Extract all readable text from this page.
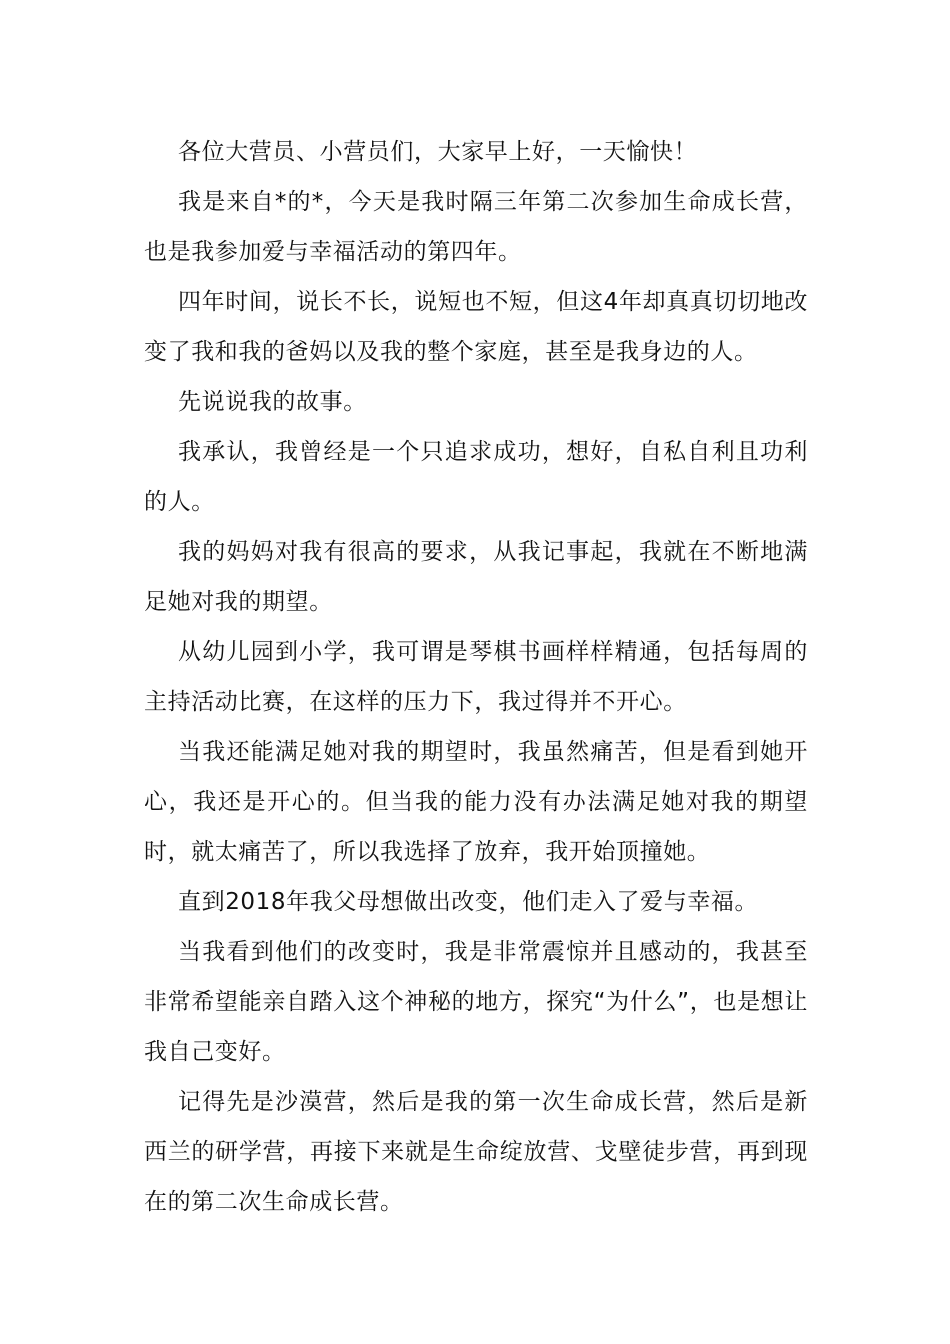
各位大营员、小营员们，大家早上好，一天愉快！

我是来自*的*，今天是我时隔三年第二次参加生命成长营，也是我参加爱与幸福活动的第四年。

四年时间，说长不长，说短也不短，但这4年却真真切切地改变了我和我的爸妈以及我的整个家庭，甚至是我身边的人。

先说说我的故事。

我承认，我曾经是一个只追求成功，想好，自私自利且功利的人。

我的妈妈对我有很高的要求，从我记事起，我就在不断地满足她对我的期望。

从幼儿园到小学，我可谓是琴棋书画样样精通，包括每周的主持活动比赛，在这样的压力下，我过得并不开心。

当我还能满足她对我的期望时，我虽然痛苦，但是看到她开心，我还是开心的。但当我的能力没有办法满足她对我的期望时，就太痛苦了，所以我选择了放弃，我开始顶撞她。

直到2018年我父母想做出改变，他们走入了爱与幸福。

当我看到他们的改变时，我是非常震惊并且感动的，我甚至非常希望能亲自踏入这个神秘的地方，探究“为什么”，也是想让我自己变好。

记得先是沙漠营，然后是我的第一次生命成长营，然后是新西兰的研学营，再接下来就是生命绽放营、戈壁徒步营，再到现在的第二次生命成长营。
